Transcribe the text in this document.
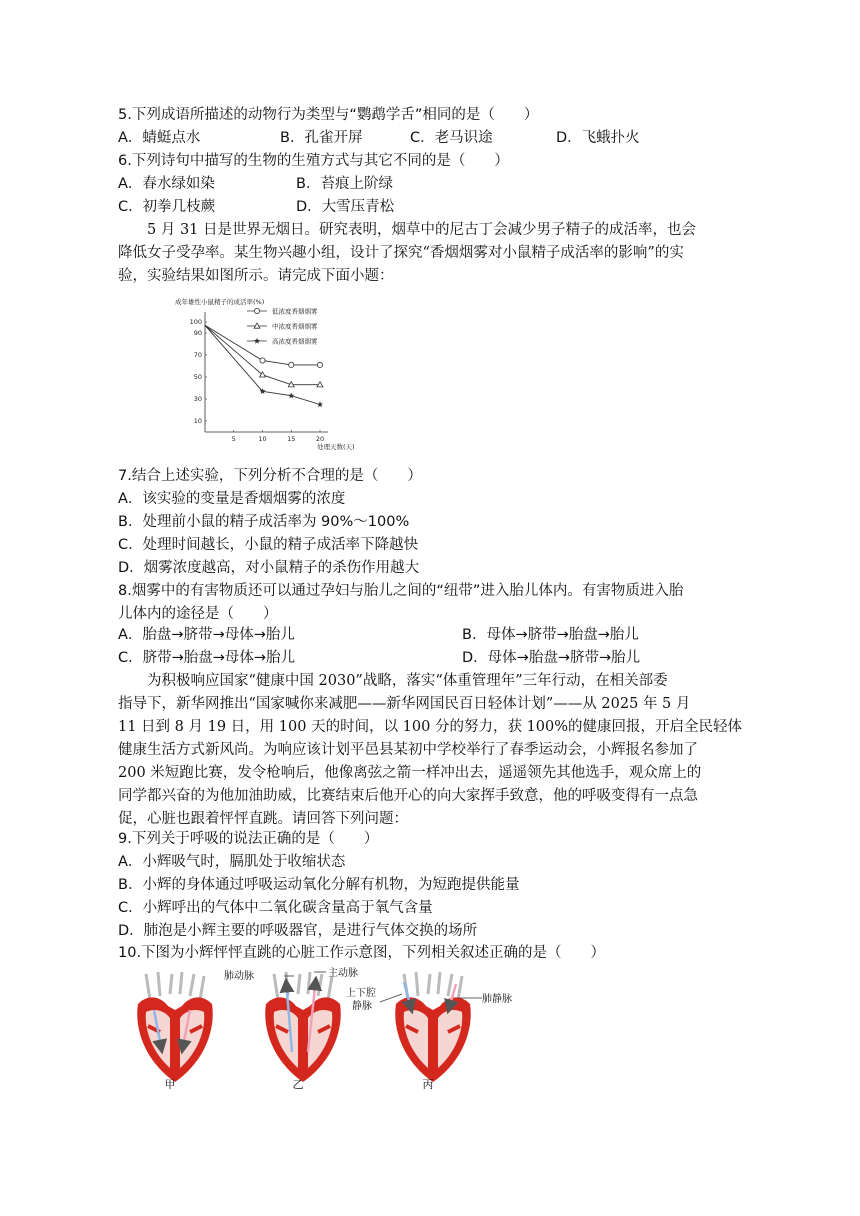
5.下列成语所描述的动物行为类型与“鹦鹉学舌”相同的是（　　）
A．蜻蜓点水	B．孔雀开屏	C．老马识途	D．飞蛾扑火
6.下列诗句中描写的生物的生殖方式与其它不同的是（　　）
A．春水绿如染	B．苔痕上阶绿
C．初拳几枝蕨	D．大雪压青松
5 月 31 日是世界无烟日。研究表明，烟草中的尼古丁会减少男子精子的成活率，也会
降低女子受孕率。某生物兴趣小组，设计了探究“香烟烟雾对小鼠精子成活率的影响”的实
验，实验结果如图所示。请完成下面小题：
成年雄性小鼠精子的成活率(%)
处理天数(天)
5	10	15	20
10
30
50
70
90
100
低浓度香烟烟雾
中浓度香烟烟雾
高浓度香烟烟雾
7.结合上述实验，下列分析不合理的是（　　）
A．该实验的变量是香烟烟雾的浓度
B．处理前小鼠的精子成活率为 90%～100%
C．处理时间越长，小鼠的精子成活率下降越快
D．烟雾浓度越高，对小鼠精子的杀伤作用越大
8.烟雾中的有害物质还可以通过孕妇与胎儿之间的“纽带”进入胎儿体内。有害物质进入胎
儿体内的途径是（　　）
A．胎盘→脐带→母体→胎儿	B．母体→脐带→胎盘→胎儿
C．脐带→胎盘→母体→胎儿	D．母体→胎盘→脐带→胎儿
为积极响应国家“健康中国 2030”战略，落实“体重管理年”三年行动，在相关部委
指导下，新华网推出“国家喊你来减肥——新华网国民百日轻体计划”——从 2025 年 5 月
11 日到 8 月 19 日，用 100 天的时间，以 100 分的努力，获 100%的健康回报，开启全民轻体
健康生活方式新风尚。为响应该计划平邑县某初中学校举行了春季运动会，小辉报名参加了
200 米短跑比赛，发令枪响后，他像离弦之箭一样冲出去，遥遥领先其他选手，观众席上的
同学都兴奋的为他加油助威，比赛结束后他开心的向大家挥手致意，他的呼吸变得有一点急
促，心脏也跟着怦怦直跳。请回答下列问题：
9.下列关于呼吸的说法正确的是（　　）
A．小辉吸气时，膈肌处于收缩状态
B．小辉的身体通过呼吸运动氧化分解有机物，为短跑提供能量
C．小辉呼出的气体中二氧化碳含量高于氧气含量
D．肺泡是小辉主要的呼吸器官，是进行气体交换的场所
10.下图为小辉怦怦直跳的心脏工作示意图，下列相关叙述正确的是（　　）
甲	乙
肺动脉	主动脉
丙
上下腔
静脉
肺静脉
